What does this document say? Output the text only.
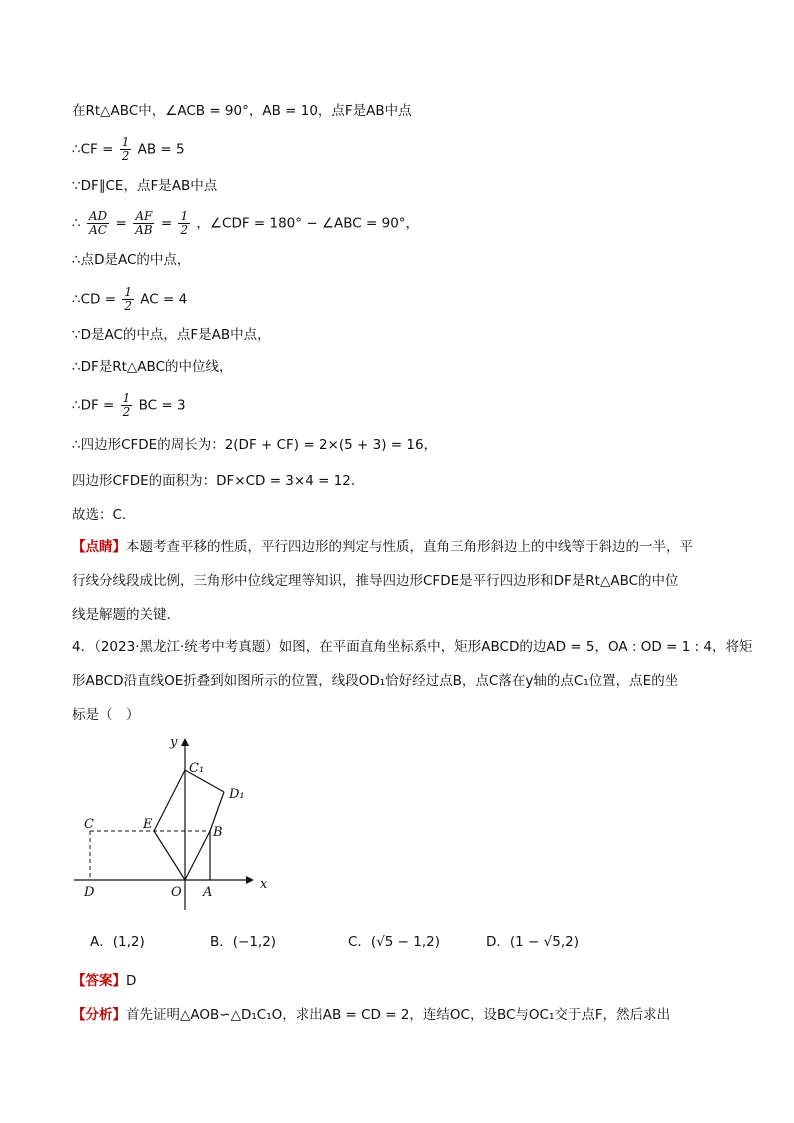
在Rt△ABC中，∠ACB = 90°，AB = 10，点F是AB中点
∴CF = $\frac{1}{2}$ AB = 5
∵DF∥CE，点F是AB中点
∴ $\frac{AD}{AC} = \frac{AF}{AB} = \frac{1}{2}$ ，∠CDF = 180° − ∠ABC = 90°，
∴点D是AC的中点，
∴CD = $\frac{1}{2}$ AC = 4
∵D是AC的中点，点F是AB中点，
∴DF是Rt△ABC的中位线，
∴DF = $\frac{1}{2}$ BC = 3
∴四边形CFDE的周长为：2(DF + CF) = 2×(5 + 3) = 16，
四边形CFDE的面积为：DF×CD = 3×4 = 12．
故选：C．
【点睛】本题考查平移的性质，平行四边形的判定与性质，直角三角形斜边上的中线等于斜边的一半，平
行线分线段成比例，三角形中位线定理等知识，推导四边形CFDE是平行四边形和DF是Rt△ABC的中位
线是解题的关键．
4．（2023·黑龙江·统考中考真题）如图，在平面直角坐标系中，矩形ABCD的边AD = 5，OA : OD = 1 : 4，将矩
形ABCD沿直线OE折叠到如图所示的位置，线段OD₁恰好经过点B，点C落在y轴的点C₁位置，点E的坐
标是（　）
y
x
C₁
D₁
C	E
B
D	O A
A．(1,2)	B．(−1,2)	C．(√5 − 1,2)	D．(1 − √5,2)
【答案】D
【分析】首先证明△AOB∽△D₁C₁O，求出AB = CD = 2，连结OC，设BC与OC₁交于点F，然后求出
